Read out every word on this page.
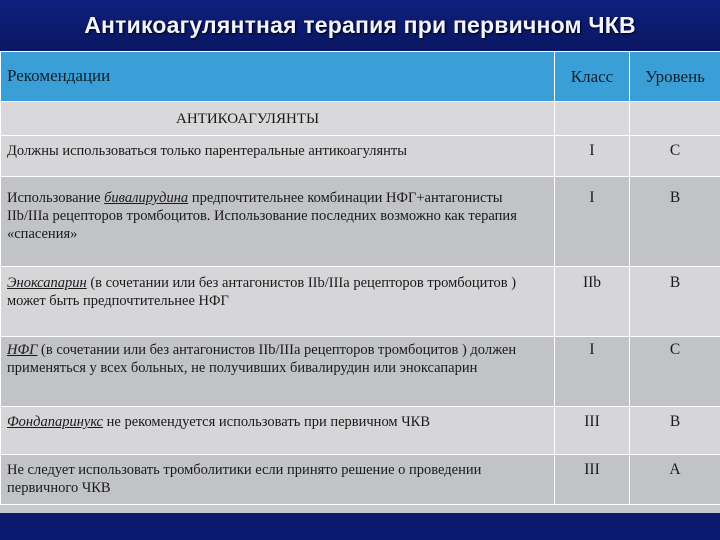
Антикоагулянтная терапия при первичном ЧКВ
Рекомендации	Класс	Уровень
АНТИКОАГУЛЯНТЫ		
Должны использоваться только парентеральные антикоагулянты	I	C
Использование бивалирудина предпочтительнее комбинации НФГ+антагонисты IIb/IIIa рецепторов тромбоцитов. Использование последних возможно как терапия «спасения»	I	B
Эноксапарин (в сочетании или без антагонистов IIb/IIIa рецепторов тромбоцитов ) может быть предпочтительнее НФГ	IIb	B
НФГ (в сочетании или без антагонистов IIb/IIIa рецепторов тромбоцитов ) должен применяться у всех больных, не получивших бивалирудин или эноксапарин	I	C
Фондапаринукс не рекомендуется использовать при первичном ЧКВ	III	B
Не следует использовать тромболитики если принято решение о проведении первичного ЧКВ	III	A
